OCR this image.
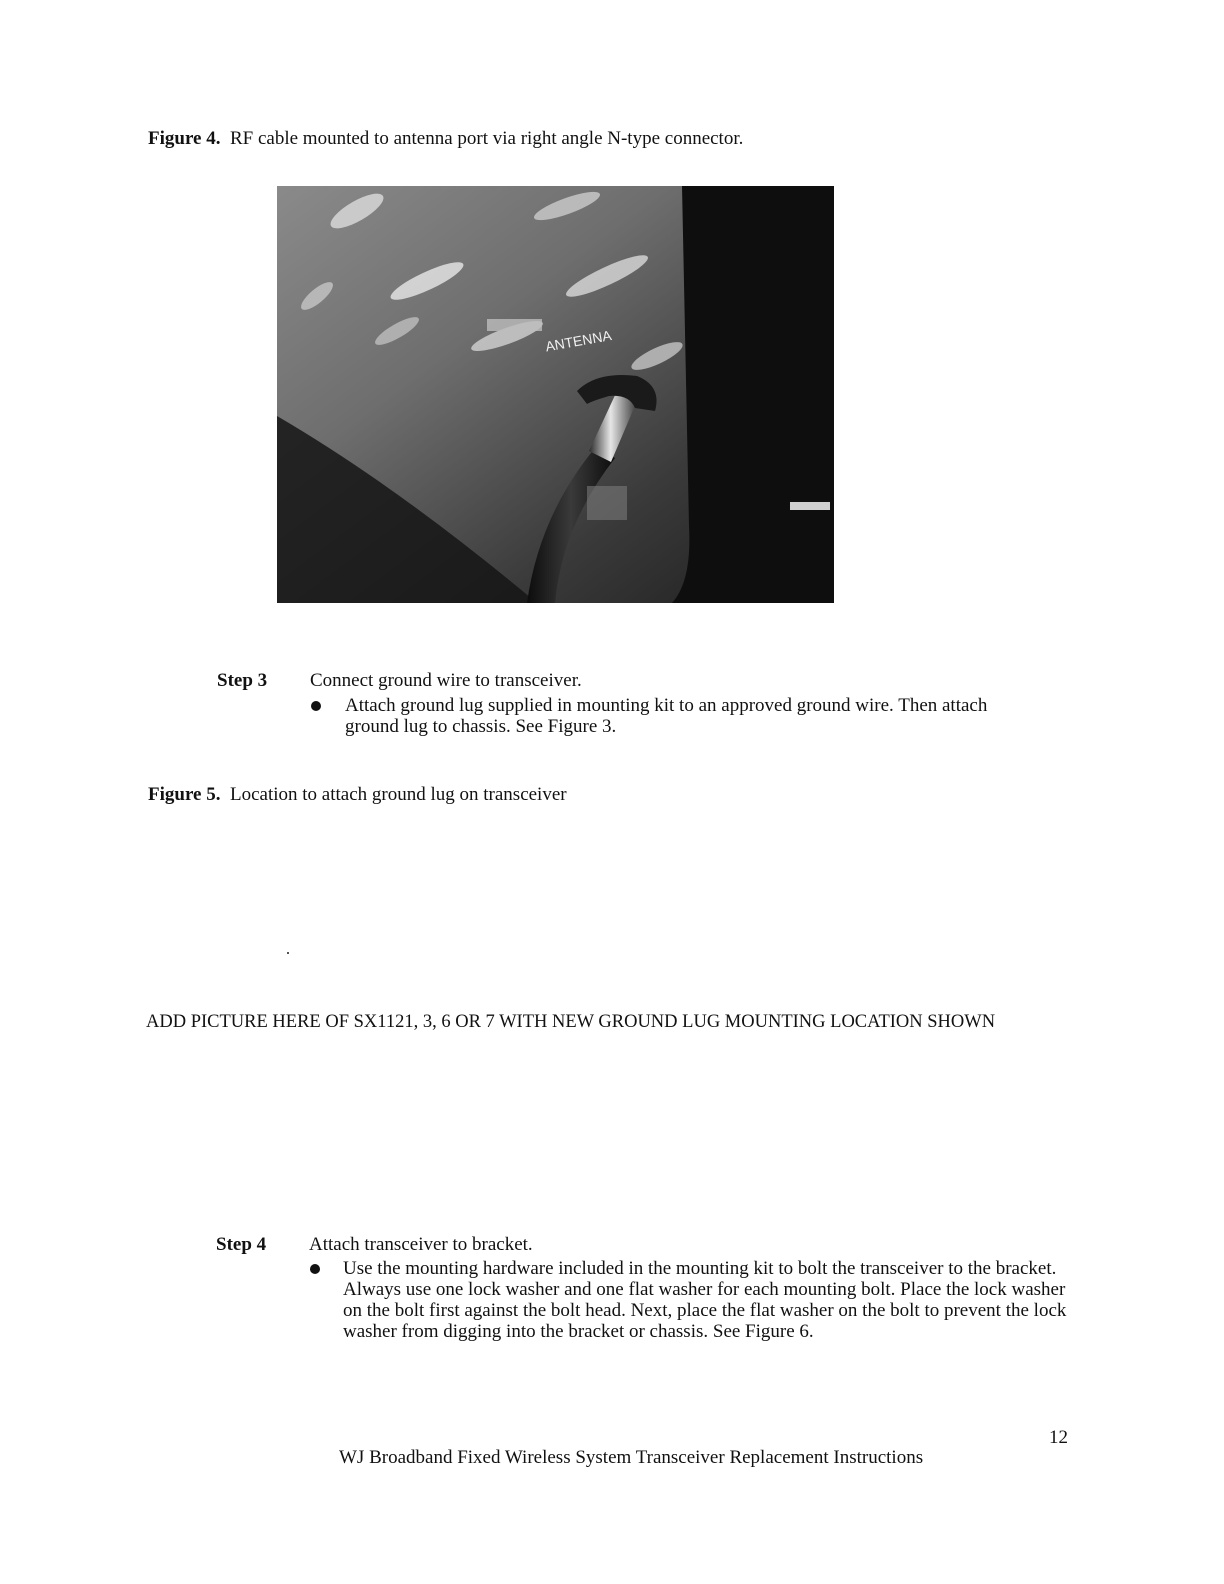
Figure 4. RF cable mounted to antenna port via right angle N-type connector.
ANTENNA
Step 3 Connect ground wire to transceiver.
Attach ground lug supplied in mounting kit to an approved ground wire. Then attach ground lug to chassis. See Figure 3.
Figure 5. Location to attach ground lug on transceiver
ADD PICTURE HERE OF SX1121, 3, 6 OR 7 WITH NEW GROUND LUG MOUNTING LOCATION SHOWN
Step 4 Attach transceiver to bracket.
Use the mounting hardware included in the mounting kit to bolt the transceiver to the bracket. Always use one lock washer and one flat washer for each mounting bolt. Place the lock washer on the bolt first against the bolt head. Next, place the flat washer on the bolt to prevent the lock washer from digging into the bracket or chassis. See Figure 6.
12
WJ Broadband Fixed Wireless System Transceiver Replacement Instructions
